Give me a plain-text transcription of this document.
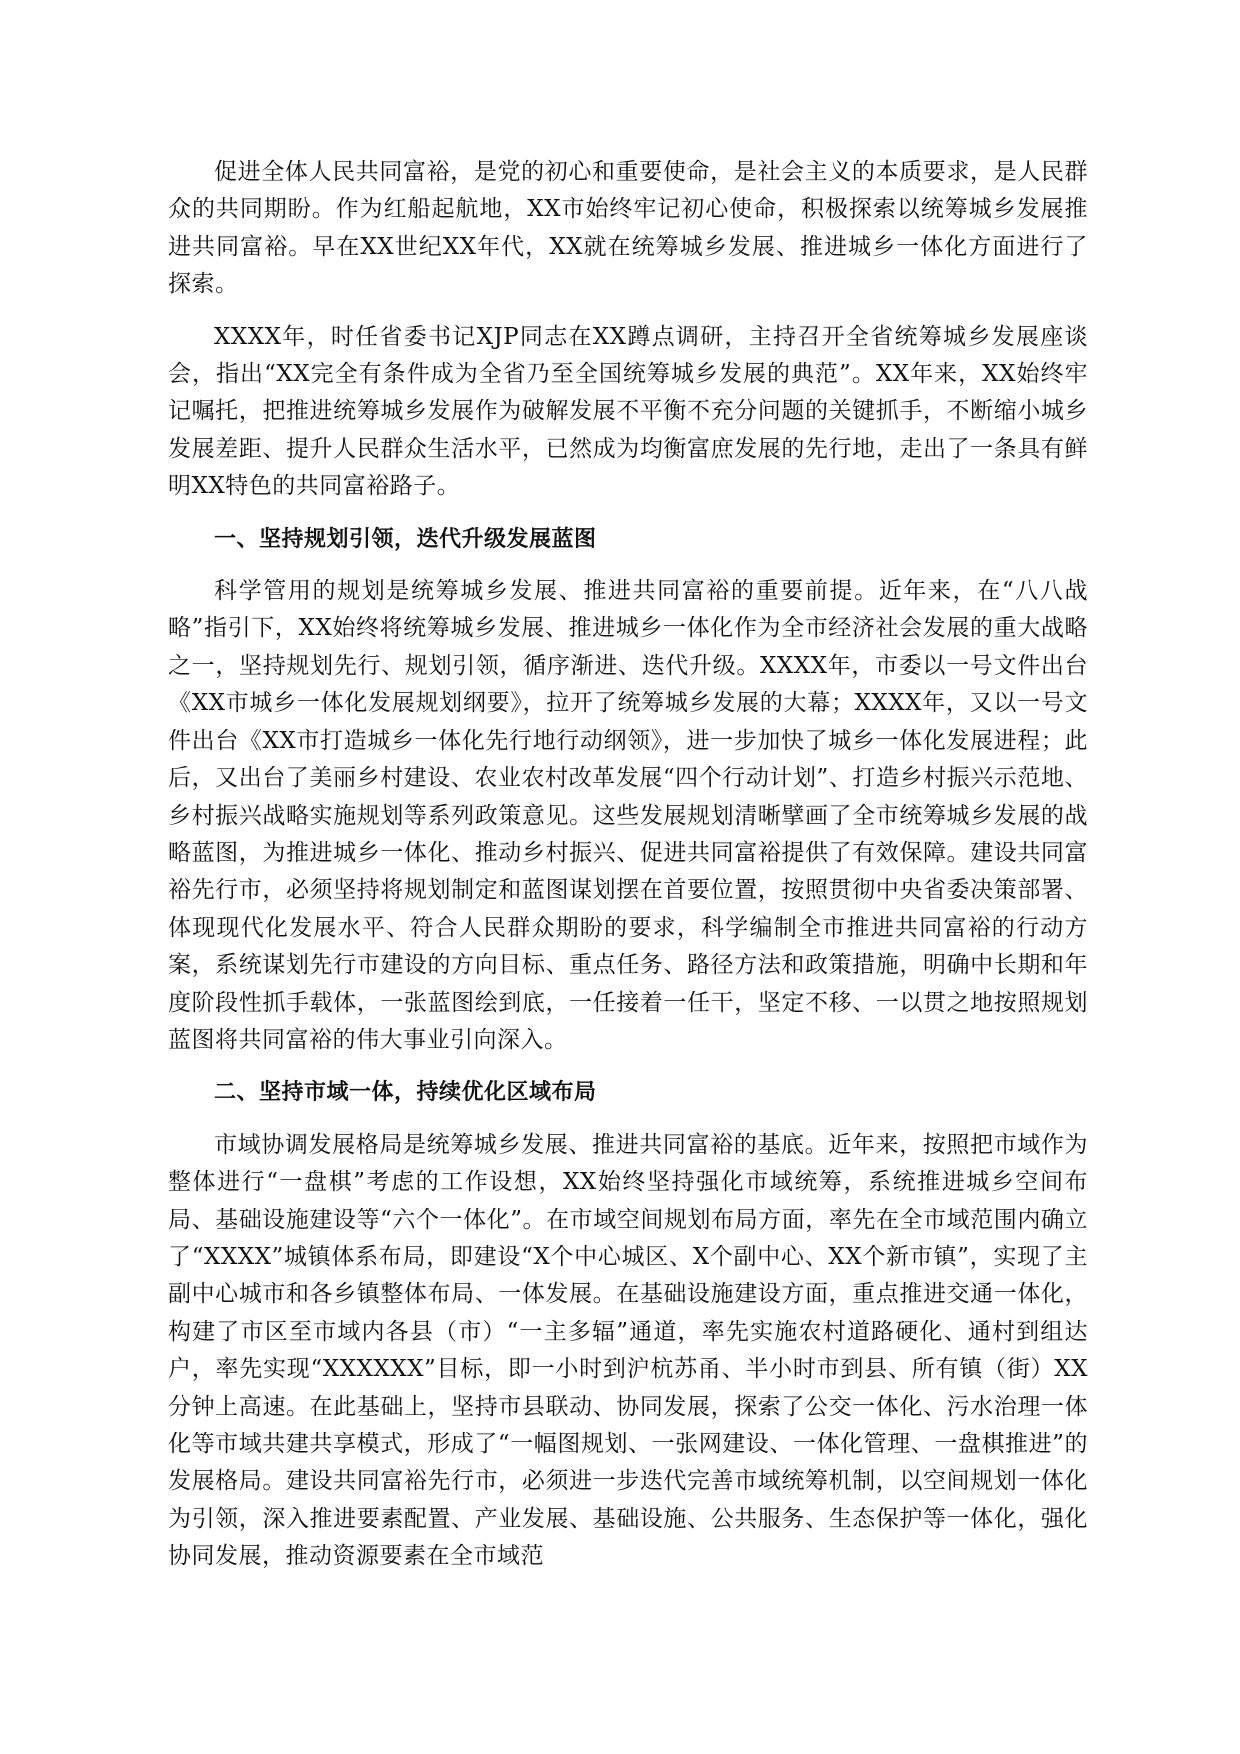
促进全体人民共同富裕，是党的初心和重要使命，是社会主义的本质要求，是人民群众的共同期盼。作为红船起航地，XX市始终牢记初心使命，积极探索以统筹城乡发展推进共同富裕。早在XX世纪XX年代，XX就在统筹城乡发展、推进城乡一体化方面进行了探索。

XXXX年，时任省委书记XJP同志在XX蹲点调研，主持召开全省统筹城乡发展座谈会，指出“XX完全有条件成为全省乃至全国统筹城乡发展的典范”。XX年来，XX始终牢记嘱托，把推进统筹城乡发展作为破解发展不平衡不充分问题的关键抓手，不断缩小城乡发展差距、提升人民群众生活水平，已然成为均衡富庶发展的先行地，走出了一条具有鲜明XX特色的共同富裕路子。

一、坚持规划引领，迭代升级发展蓝图

科学管用的规划是统筹城乡发展、推进共同富裕的重要前提。近年来，在“八八战略”指引下，XX始终将统筹城乡发展、推进城乡一体化作为全市经济社会发展的重大战略之一，坚持规划先行、规划引领，循序渐进、迭代升级。XXXX年，市委以一号文件出台《XX市城乡一体化发展规划纲要》，拉开了统筹城乡发展的大幕；XXXX年，又以一号文件出台《XX市打造城乡一体化先行地行动纲领》，进一步加快了城乡一体化发展进程；此后，又出台了美丽乡村建设、农业农村改革发展“四个行动计划”、打造乡村振兴示范地、乡村振兴战略实施规划等系列政策意见。这些发展规划清晰擘画了全市统筹城乡发展的战略蓝图，为推进城乡一体化、推动乡村振兴、促进共同富裕提供了有效保障。建设共同富裕先行市，必须坚持将规划制定和蓝图谋划摆在首要位置，按照贯彻中央省委决策部署、体现现代化发展水平、符合人民群众期盼的要求，科学编制全市推进共同富裕的行动方案，系统谋划先行市建设的方向目标、重点任务、路径方法和政策措施，明确中长期和年度阶段性抓手载体，一张蓝图绘到底，一任接着一任干，坚定不移、一以贯之地按照规划蓝图将共同富裕的伟大事业引向深入。

二、坚持市域一体，持续优化区域布局

市域协调发展格局是统筹城乡发展、推进共同富裕的基底。近年来，按照把市域作为整体进行“一盘棋”考虑的工作设想，XX始终坚持强化市域统筹，系统推进城乡空间布局、基础设施建设等“六个一体化”。在市域空间规划布局方面，率先在全市域范围内确立了“XXXX”城镇体系布局，即建设“X个中心城区、X个副中心、XX个新市镇”，实现了主副中心城市和各乡镇整体布局、一体发展。在基础设施建设方面，重点推进交通一体化，构建了市区至市域内各县（市）“一主多辐”通道，率先实施农村道路硬化、通村到组达户，率先实现“XXXXXX”目标，即一小时到沪杭苏甬、半小时市到县、所有镇（街）XX分钟上高速。在此基础上，坚持市县联动、协同发展，探索了公交一体化、污水治理一体化等市域共建共享模式，形成了“一幅图规划、一张网建设、一体化管理、一盘棋推进”的发展格局。建设共同富裕先行市，必须进一步迭代完善市域统筹机制，以空间规划一体化为引领，深入推进要素配置、产业发展、基础设施、公共服务、生态保护等一体化，强化协同发展，推动资源要素在全市域范
